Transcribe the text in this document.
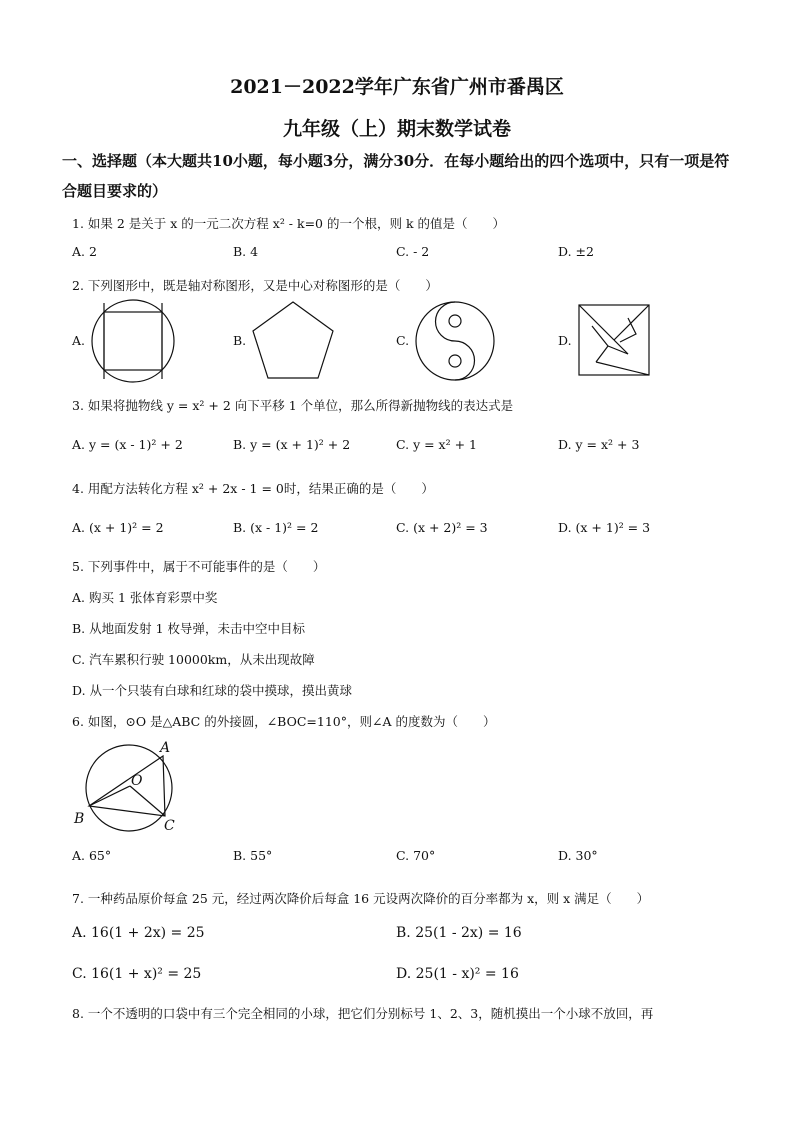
2021－2022学年广东省广州市番禺区
九年级（上）期末数学试卷
一、选择题（本大题共10小题，每小题3分，满分30分．在每小题给出的四个选项中，只有一项是符合题目要求的）
1. 如果 2 是关于 x 的一元二次方程 x² - k=0 的一个根，则 k 的值是（　　）
A. 2	B. 4	C. - 2	D. ±2
2. 下列图形中，既是轴对称图形，又是中心对称图形的是（　　）
A.	B.	C.	D.
3. 如果将抛物线 y = x² + 2 向下平移 1 个单位，那么所得新抛物线的表达式是
A. y = (x - 1)² + 2	B. y = (x + 1)² + 2	C. y = x² + 1	D. y = x² + 3
4. 用配方法转化方程 x² + 2x - 1 = 0时，结果正确的是（　　）
A. (x + 1)² = 2	B. (x - 1)² = 2	C. (x + 2)² = 3	D. (x + 1)² = 3
5. 下列事件中，属于不可能事件的是（　　）
A. 购买 1 张体育彩票中奖
B. 从地面发射 1 枚导弹，未击中空中目标
C. 汽车累积行驶 10000km，从未出现故障
D. 从一个只装有白球和红球的袋中摸球，摸出黄球
6. 如图，⊙O 是△ABC 的外接圆，∠BOC=110°，则∠A 的度数为（　　）
A
O
B	C
A. 65°	B. 55°	C. 70°	D. 30°
7. 一种药品原价每盒 25 元，经过两次降价后每盒 16 元设两次降价的百分率都为 x，则 x 满足（　　）
A. 16(1 + 2x) = 25	B. 25(1 - 2x) = 16
C. 16(1 + x)² = 25	D. 25(1 - x)² = 16
8. 一个不透明的口袋中有三个完全相同的小球，把它们分别标号 1、2、3，随机摸出一个小球不放回，再
